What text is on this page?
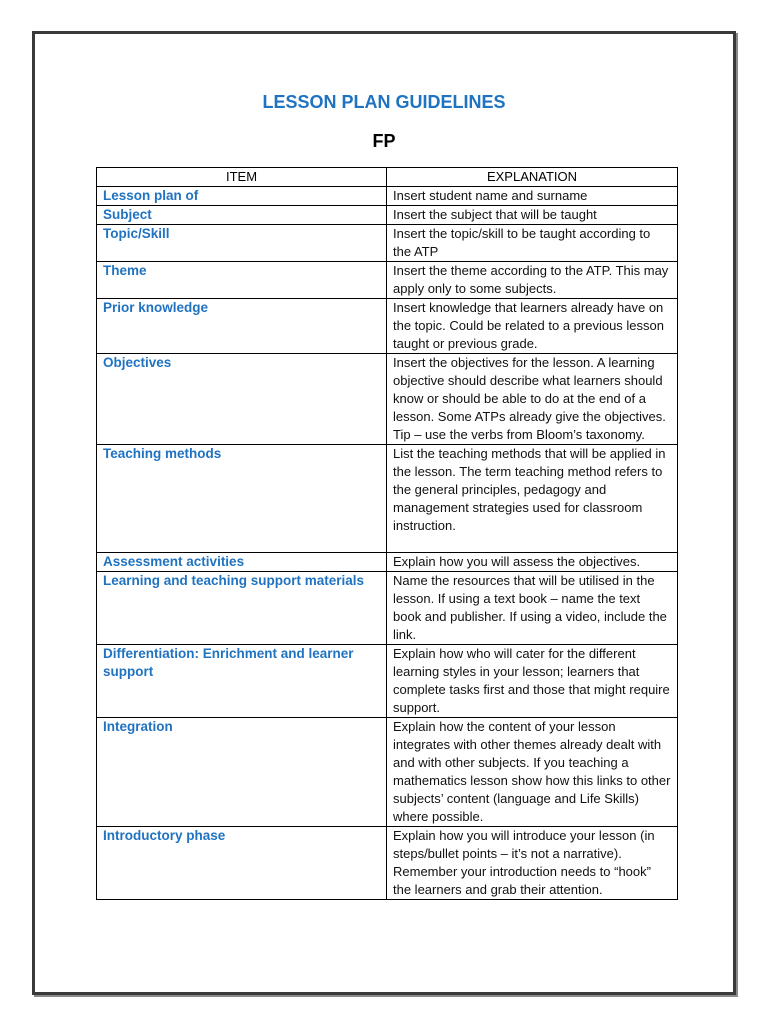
LESSON PLAN GUIDELINES
FP
ITEM	EXPLANATION
Lesson plan of	Insert student name and surname
Subject	Insert the subject that will be taught
Topic/Skill	Insert the topic/skill to be taught according to the ATP
Theme	Insert the theme according to the ATP. This may apply only to some subjects.
Prior knowledge	Insert knowledge that learners already have on the topic. Could be related to a previous lesson taught or previous grade.
Objectives	Insert the objectives for the lesson. A learning objective should describe what learners should know or should be able to do at the end of a lesson. Some ATPs already give the objectives. Tip – use the verbs from Bloom’s taxonomy.
Teaching methods	List the teaching methods that will be applied in the lesson. The term teaching method refers to the general principles, pedagogy and management strategies used for classroom instruction.
Assessment activities	Explain how you will assess the objectives.
Learning and teaching support materials	Name the resources that will be utilised in the lesson. If using a text book – name the text book and publisher. If using a video, include the link.
Differentiation: Enrichment and learner support	Explain how who will cater for the different learning styles in your lesson; learners that complete tasks first and those that might require support.
Integration	Explain how the content of your lesson integrates with other themes already dealt with and with other subjects. If you teaching a mathematics lesson show how this links to other subjects’ content (language and Life Skills) where possible.
Introductory phase	Explain how you will introduce your lesson (in steps/bullet points – it’s not a narrative). Remember your introduction needs to “hook” the learners and grab their attention.
